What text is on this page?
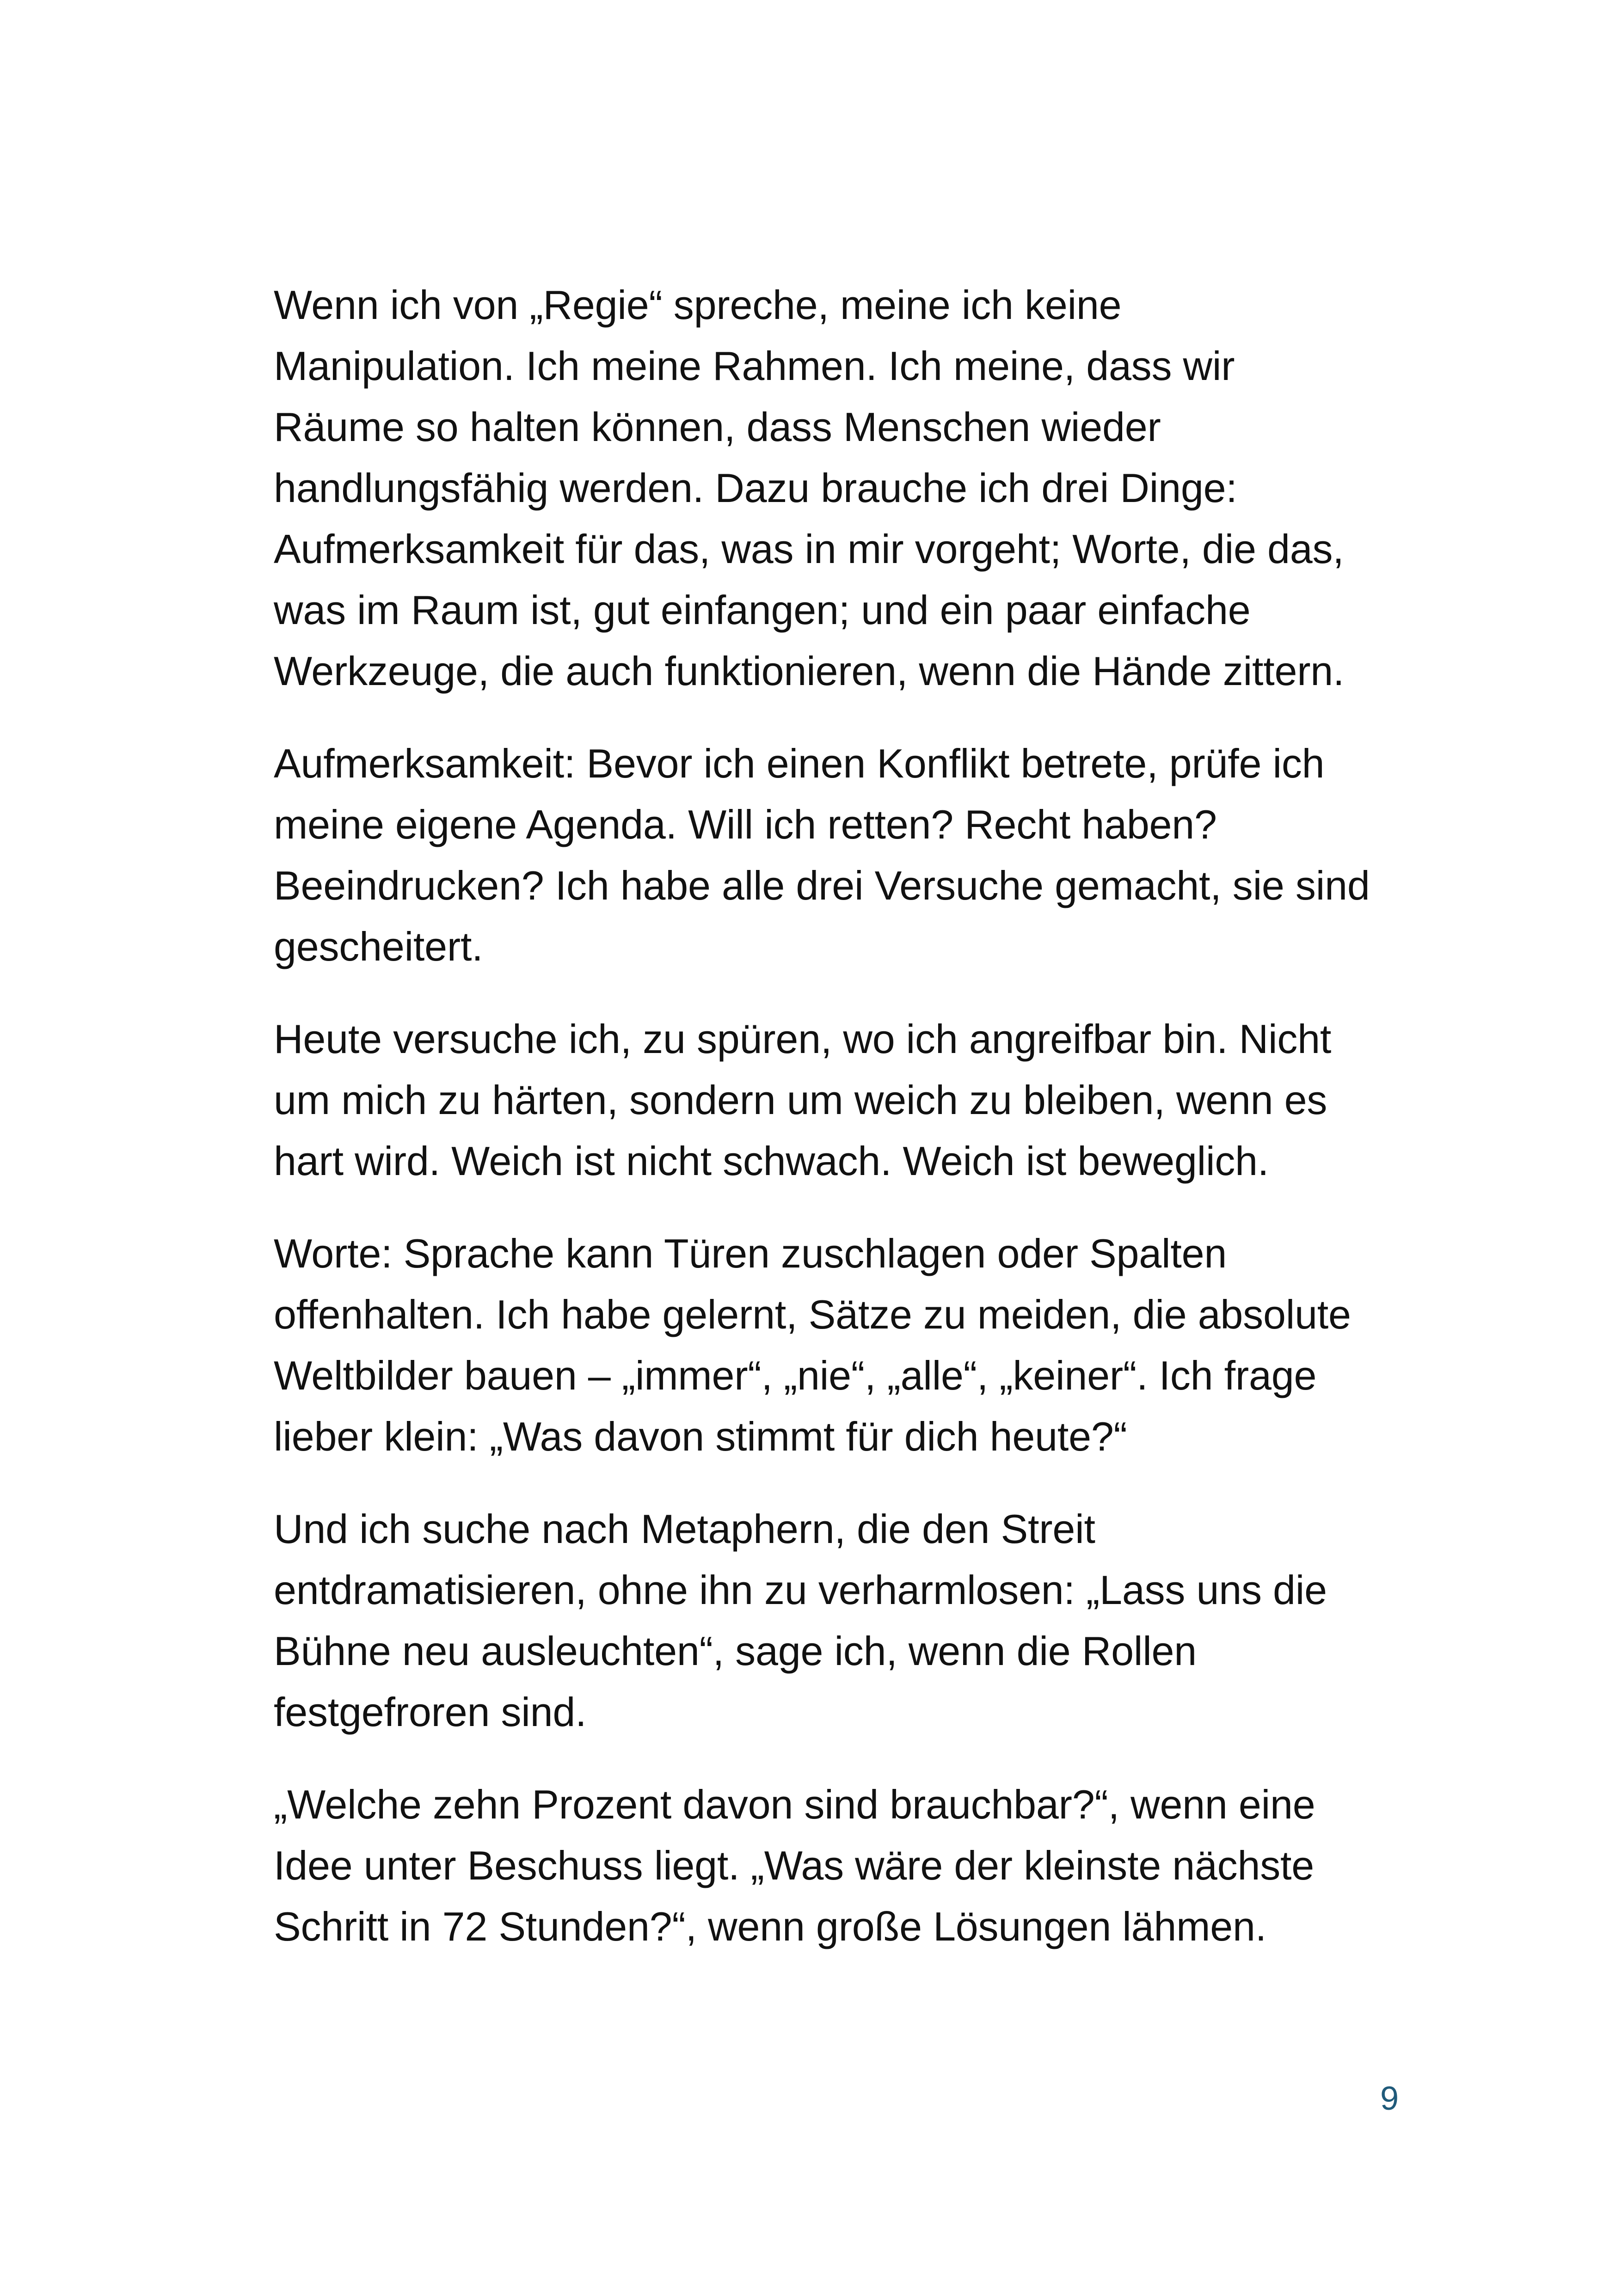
Wenn ich von „Regie“ spreche, meine ich keine
Manipulation. Ich meine Rahmen. Ich meine, dass wir
Räume so halten können, dass Menschen wieder
handlungsfähig werden. Dazu brauche ich drei Dinge:
Aufmerksamkeit für das, was in mir vorgeht; Worte, die das,
was im Raum ist, gut einfangen; und ein paar einfache
Werkzeuge, die auch funktionieren, wenn die Hände zittern.

Aufmerksamkeit: Bevor ich einen Konflikt betrete, prüfe ich
meine eigene Agenda. Will ich retten? Recht haben?
Beeindrucken? Ich habe alle drei Versuche gemacht, sie sind
gescheitert.

Heute versuche ich, zu spüren, wo ich angreifbar bin. Nicht
um mich zu härten, sondern um weich zu bleiben, wenn es
hart wird. Weich ist nicht schwach. Weich ist beweglich.

Worte: Sprache kann Türen zuschlagen oder Spalten
offenhalten. Ich habe gelernt, Sätze zu meiden, die absolute
Weltbilder bauen – „immer“, „nie“, „alle“, „keiner“. Ich frage
lieber klein: „Was davon stimmt für dich heute?“

Und ich suche nach Metaphern, die den Streit
entdramatisieren, ohne ihn zu verharmlosen: „Lass uns die
Bühne neu ausleuchten“, sage ich, wenn die Rollen
festgefroren sind.

„Welche zehn Prozent davon sind brauchbar?“, wenn eine
Idee unter Beschuss liegt. „Was wäre der kleinste nächste
Schritt in 72 Stunden?“, wenn große Lösungen lähmen.

9
